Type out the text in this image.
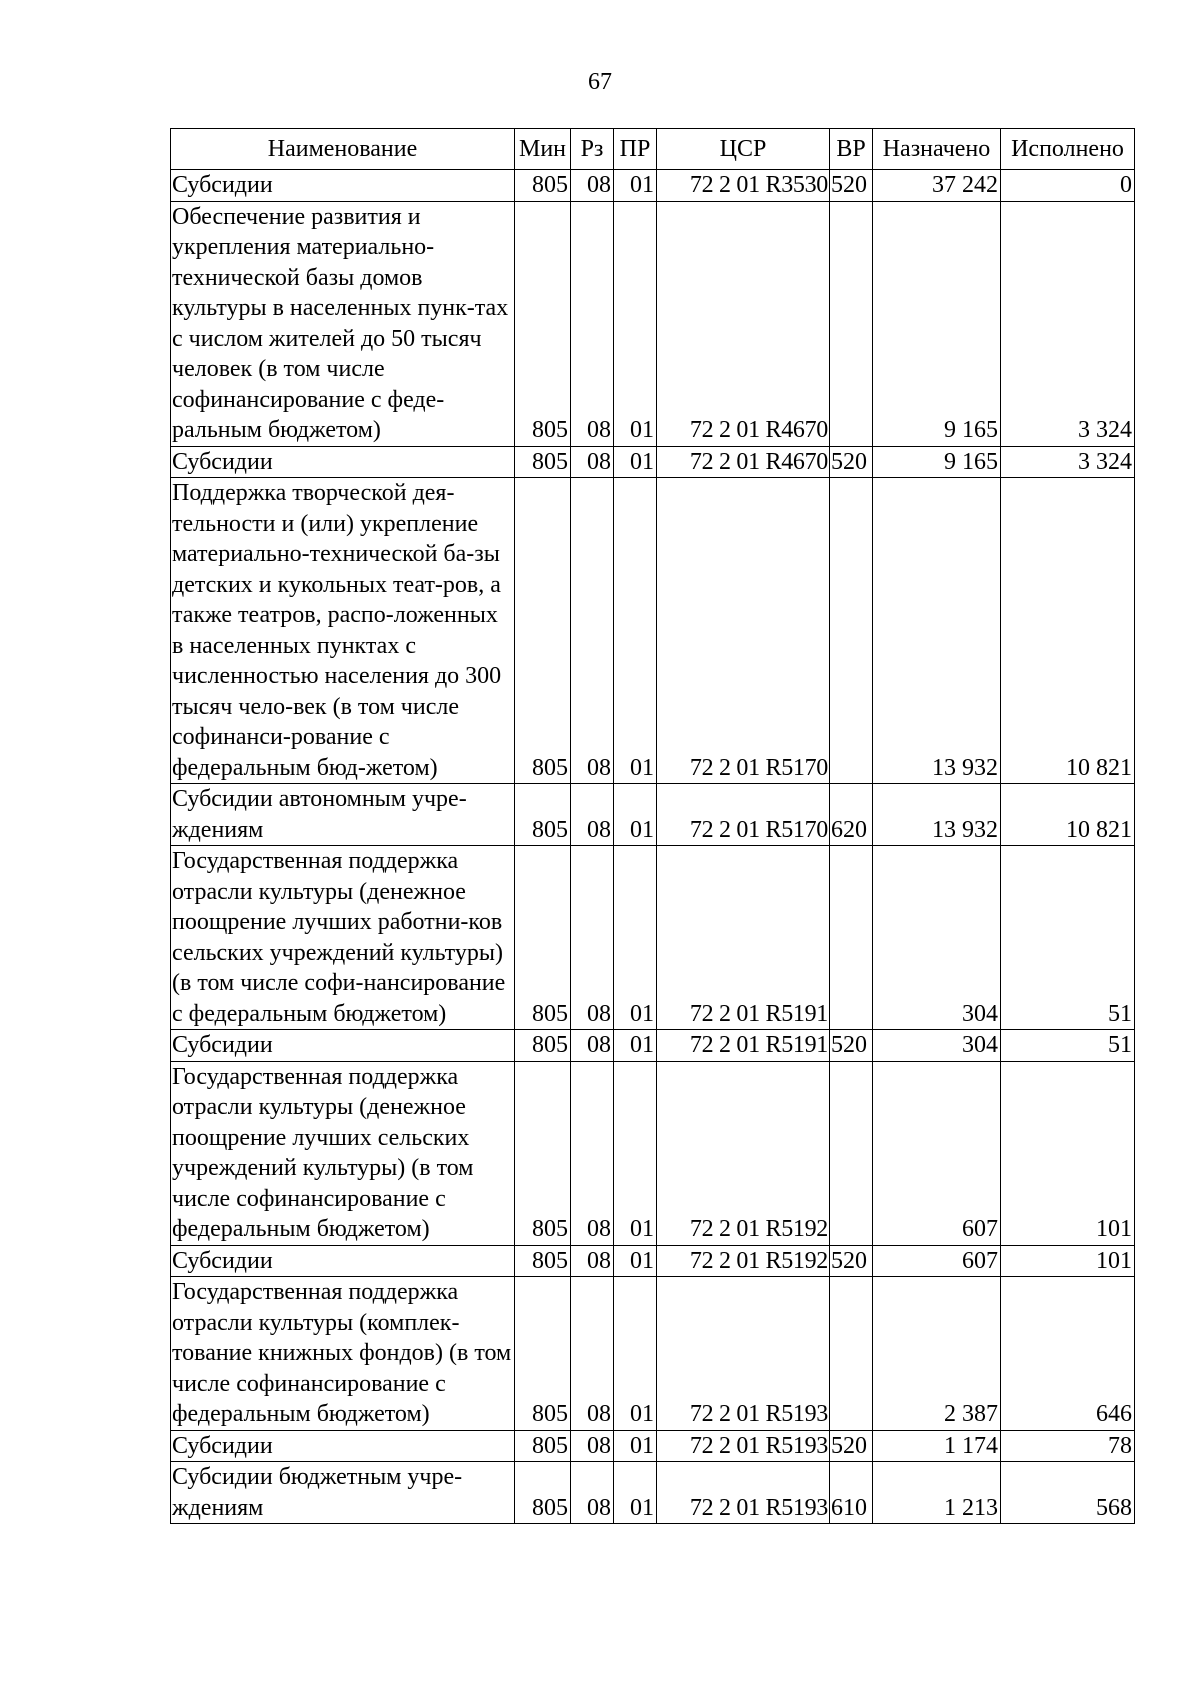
67
Наименование	Мин	Рз	ПР	ЦСР	ВР	Назначено	Исполнено
Субсидии	805	08	01	72 2 01 R3530	520	37 242	0
Обеспечение развития и укрепления материально-технической базы домов культуры в населенных пунк-тах с числом жителей до 50 тысяч человек (в том числе софинансирование с феде-ральным бюджетом)	805	08	01	72 2 01 R4670		9 165	3 324
Субсидии	805	08	01	72 2 01 R4670	520	9 165	3 324
Поддержка творческой дея-тельности и (или) укрепление материально-технической ба-зы детских и кукольных теат-ров, а также театров, распо-ложенных в населенных пунктах с численностью населения до 300 тысяч чело-век (в том числе софинанси-рование с федеральным бюд-жетом)	805	08	01	72 2 01 R5170		13 932	10 821
Субсидии автономным учре-ждениям	805	08	01	72 2 01 R5170	620	13 932	10 821
Государственная поддержка отрасли культуры (денежное поощрение лучших работни-ков сельских учреждений культуры) (в том числе софи-нансирование с федеральным бюджетом)	805	08	01	72 2 01 R5191		304	51
Субсидии	805	08	01	72 2 01 R5191	520	304	51
Государственная поддержка отрасли культуры (денежное поощрение лучших сельских учреждений культуры) (в том числе софинансирование с федеральным бюджетом)	805	08	01	72 2 01 R5192		607	101
Субсидии	805	08	01	72 2 01 R5192	520	607	101
Государственная поддержка отрасли культуры (комплек-тование книжных фондов) (в том числе софинансирование с федеральным бюджетом)	805	08	01	72 2 01 R5193		2 387	646
Субсидии	805	08	01	72 2 01 R5193	520	1 174	78
Субсидии бюджетным учре-ждениям	805	08	01	72 2 01 R5193	610	1 213	568
